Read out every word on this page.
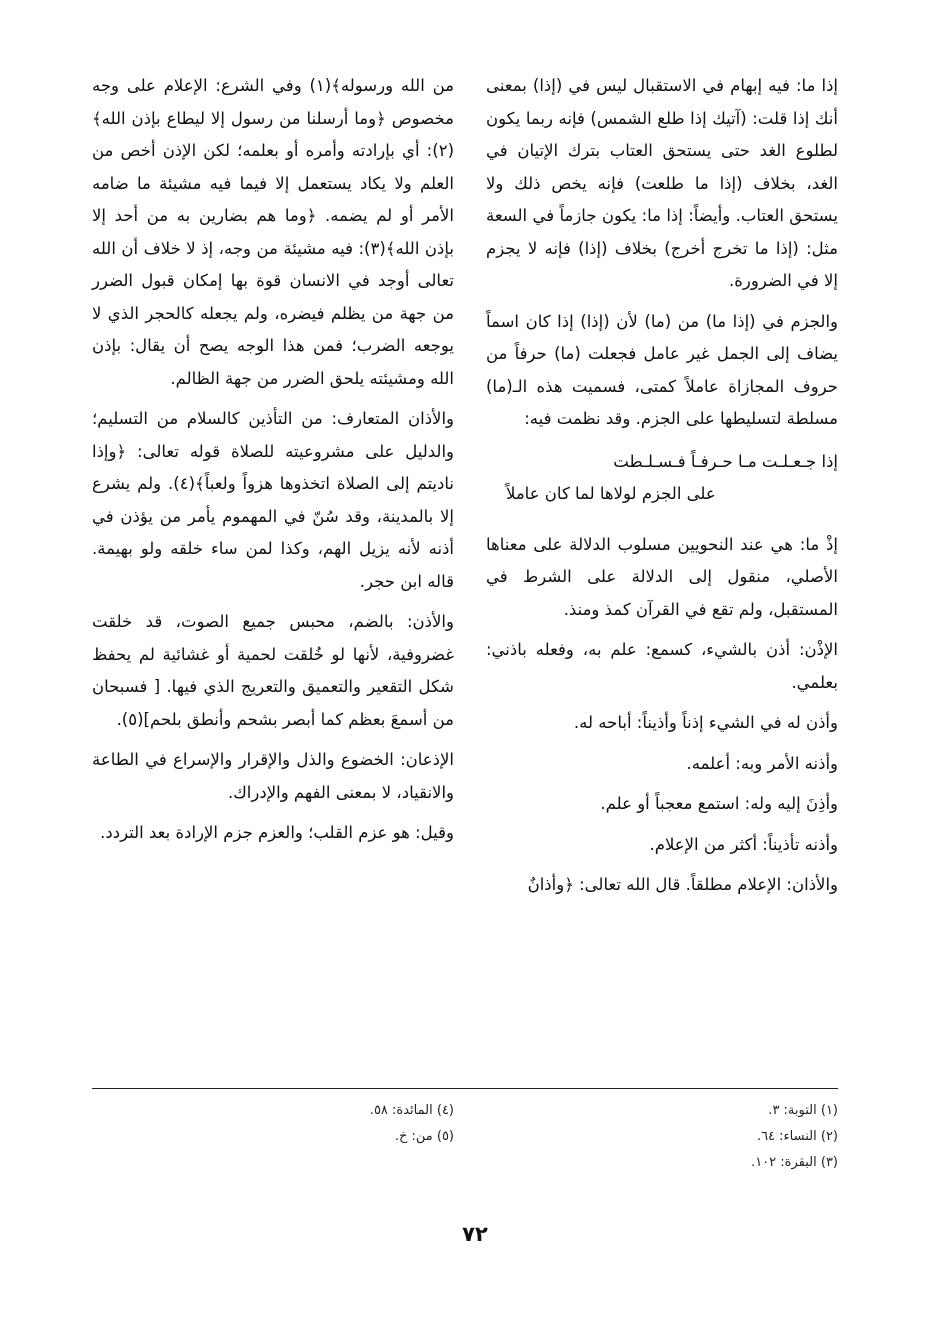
إذا ما: فيه إبهام في الاستقبال ليس في (إذا) بمعنى أنك إذا قلت: (آتيك إذا طلع الشمس) فإنه ربما يكون لطلوع الغد حتى يستحق العتاب بترك الإتيان في الغد، بخلاف (إذا ما طلعت) فإنه يخص ذلك ولا يستحق العتاب. وأيضاً: إذا ما: يكون جازماً في السعة مثل: (إذا ما تخرج أخرج) بخلاف (إذا) فإنه لا يجزم إلا في الضرورة.

والجزم في (إذا ما) من (ما) لأن (إذا) إذا كان اسماً يضاف إلى الجمل غير عامل فجعلت (ما) حرفاً من حروف المجازاة عاملاً كمتى، فسميت هذه الـ(ما) مسلطة لتسليطها على الجزم. وقد نظمت فيه:

إذا جـعـلـت مـا حـرفـاً فـسـلـطت
على الجزم لولاها لما كان عاملاً

إذْ ما: هي عند النحويين مسلوب الدلالة على معناها الأصلي، منقول إلى الدلالة على الشرط في المستقبل، ولم تقع في القرآن كمذ ومنذ.

الإذْن: أذن بالشيء، كسمع: علم به، وفعله باذني: بعلمي.

وأذن له في الشيء إذناً وأذيناً: أباحه له.

وأذنه الأمر وبه: أعلمه.

وأذِنَ إليه وله: استمع معجباً أو علم.

وأذنه تأذيناً: أكثر من الإعلام.

والأذان: الإعلام مطلقاً. قال الله تعالى: ﴿وأذانٌ

من الله ورسوله﴾(١) وفي الشرع: الإعلام على وجه مخصوص ﴿وما أرسلنا من رسول إلا ليطاع بإذن الله﴾(٢): أي بإرادته وأمره أو بعلمه؛ لكن الإذن أخص من العلم ولا يكاد يستعمل إلا فيما فيه مشيئة ما ضامه الأمر أو لم يضمه. ﴿وما هم بضارين به من أحد إلا بإذن الله﴾(٣): فيه مشيئة من وجه، إذ لا خلاف أن الله تعالى أوجد في الانسان قوة بها إمكان قبول الضرر من جهة من يظلم فيضره، ولم يجعله كالحجر الذي لا يوجعه الضرب؛ فمن هذا الوجه يصح أن يقال: بإذن الله ومشيئته يلحق الضرر من جهة الظالم.

والأذان المتعارف: من التأذين كالسلام من التسليم؛ والدليل على مشروعيته للصلاة قوله تعالى: ﴿وإذا ناديتم إلى الصلاة اتخذوها هزواً ولعباً﴾(٤). ولم يشرع إلا بالمدينة، وقد سُنّ في المهموم يأمر من يؤذن في أذنه لأنه يزيل الهم، وكذا لمن ساء خلقه ولو بهيمة. قاله ابن حجر.

والأذن: بالضم، محبس جميع الصوت، قد خلقت غضروفية، لأنها لو خُلقت لحمية أو غشائية لم يحفظ شكل التقعير والتعميق والتعريج الذي فيها. [ فسبحان من أسمعَ بعظم كما أبصر بشحم وأنطق بلحم](٥).

الإذعان: الخضوع والذل والإقرار والإسراع في الطاعة والانقياد، لا بمعنى الفهم والإدراك.

وقيل: هو عزم القلب؛ والعزم جزم الإرادة بعد التردد.

(١) التوبة: ٣.
(٢) النساء: ٦٤.
(٣) البقرة: ١٠٢.
(٤) المائدة: ٥٨.
(٥) من: خ.
٧٢
